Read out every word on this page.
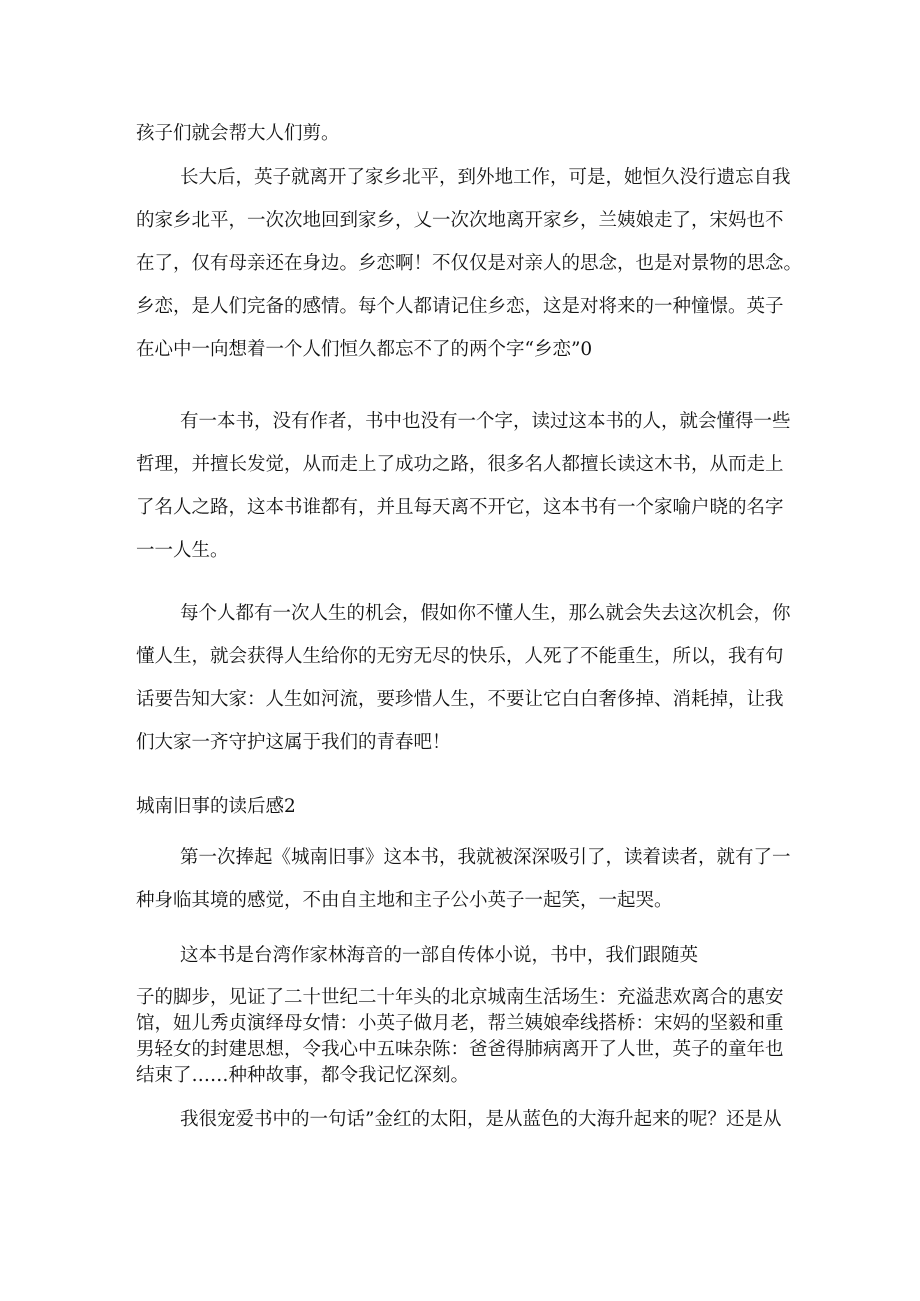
孩子们就会帮大人们剪。
长大后，英子就离开了家乡北平，到外地工作，可是，她恒久没行遗忘自我
的家乡北平，一次次地回到家乡，乂一次次地离开家乡，兰姨娘走了，宋妈也不
在了，仅有母亲还在身边。乡恋啊！不仅仅是对亲人的思念，也是对景物的思念。
乡恋，是人们完备的感情。每个人都请记住乡恋，这是对将来的一种憧憬。英子
在心中一向想着一个人们恒久都忘不了的两个字“乡恋”0
有一本书，没有作者，书中也没有一个字，读过这本书的人，就会懂得一些
哲理，并擅长发觉，从而走上了成功之路，很多名人都擅长读这木书，从而走上
了名人之路，这本书谁都有，并且每天离不开它，这本书有一个家喻户晓的名字
一一人生。
每个人都有一次人生的机会，假如你不懂人生，那么就会失去这次机会，你
懂人生，就会获得人生给你的无穷无尽的快乐，人死了不能重生，所以，我有句
话要告知大家：人生如河流，要珍惜人生，不要让它白白奢侈掉、消耗掉，让我
们大家一齐守护这属于我们的青春吧！
城南旧事的读后感2
第一次捧起《城南旧事》这本书，我就被深深吸引了，读着读者，就有了一
种身临其境的感觉，不由自主地和主子公小英子一起笑，一起哭。
这本书是台湾作家林海音的一部自传体小说，书中，我们跟随英
子的脚步，见证了二十世纪二十年头的北京城南生活场生：充溢悲欢离合的惠安
馆，妞儿秀贞演绎母女情：小英子做月老，帮兰姨娘牵线搭桥：宋妈的坚毅和重
男轻女的封建思想，令我心中五味杂陈：爸爸得肺病离开了人世，英子的童年也
结束了……种种故事，都令我记忆深刻。
我很宠爱书中的一句话”金红的太阳，是从蓝色的大海升起来的呢？还是从
